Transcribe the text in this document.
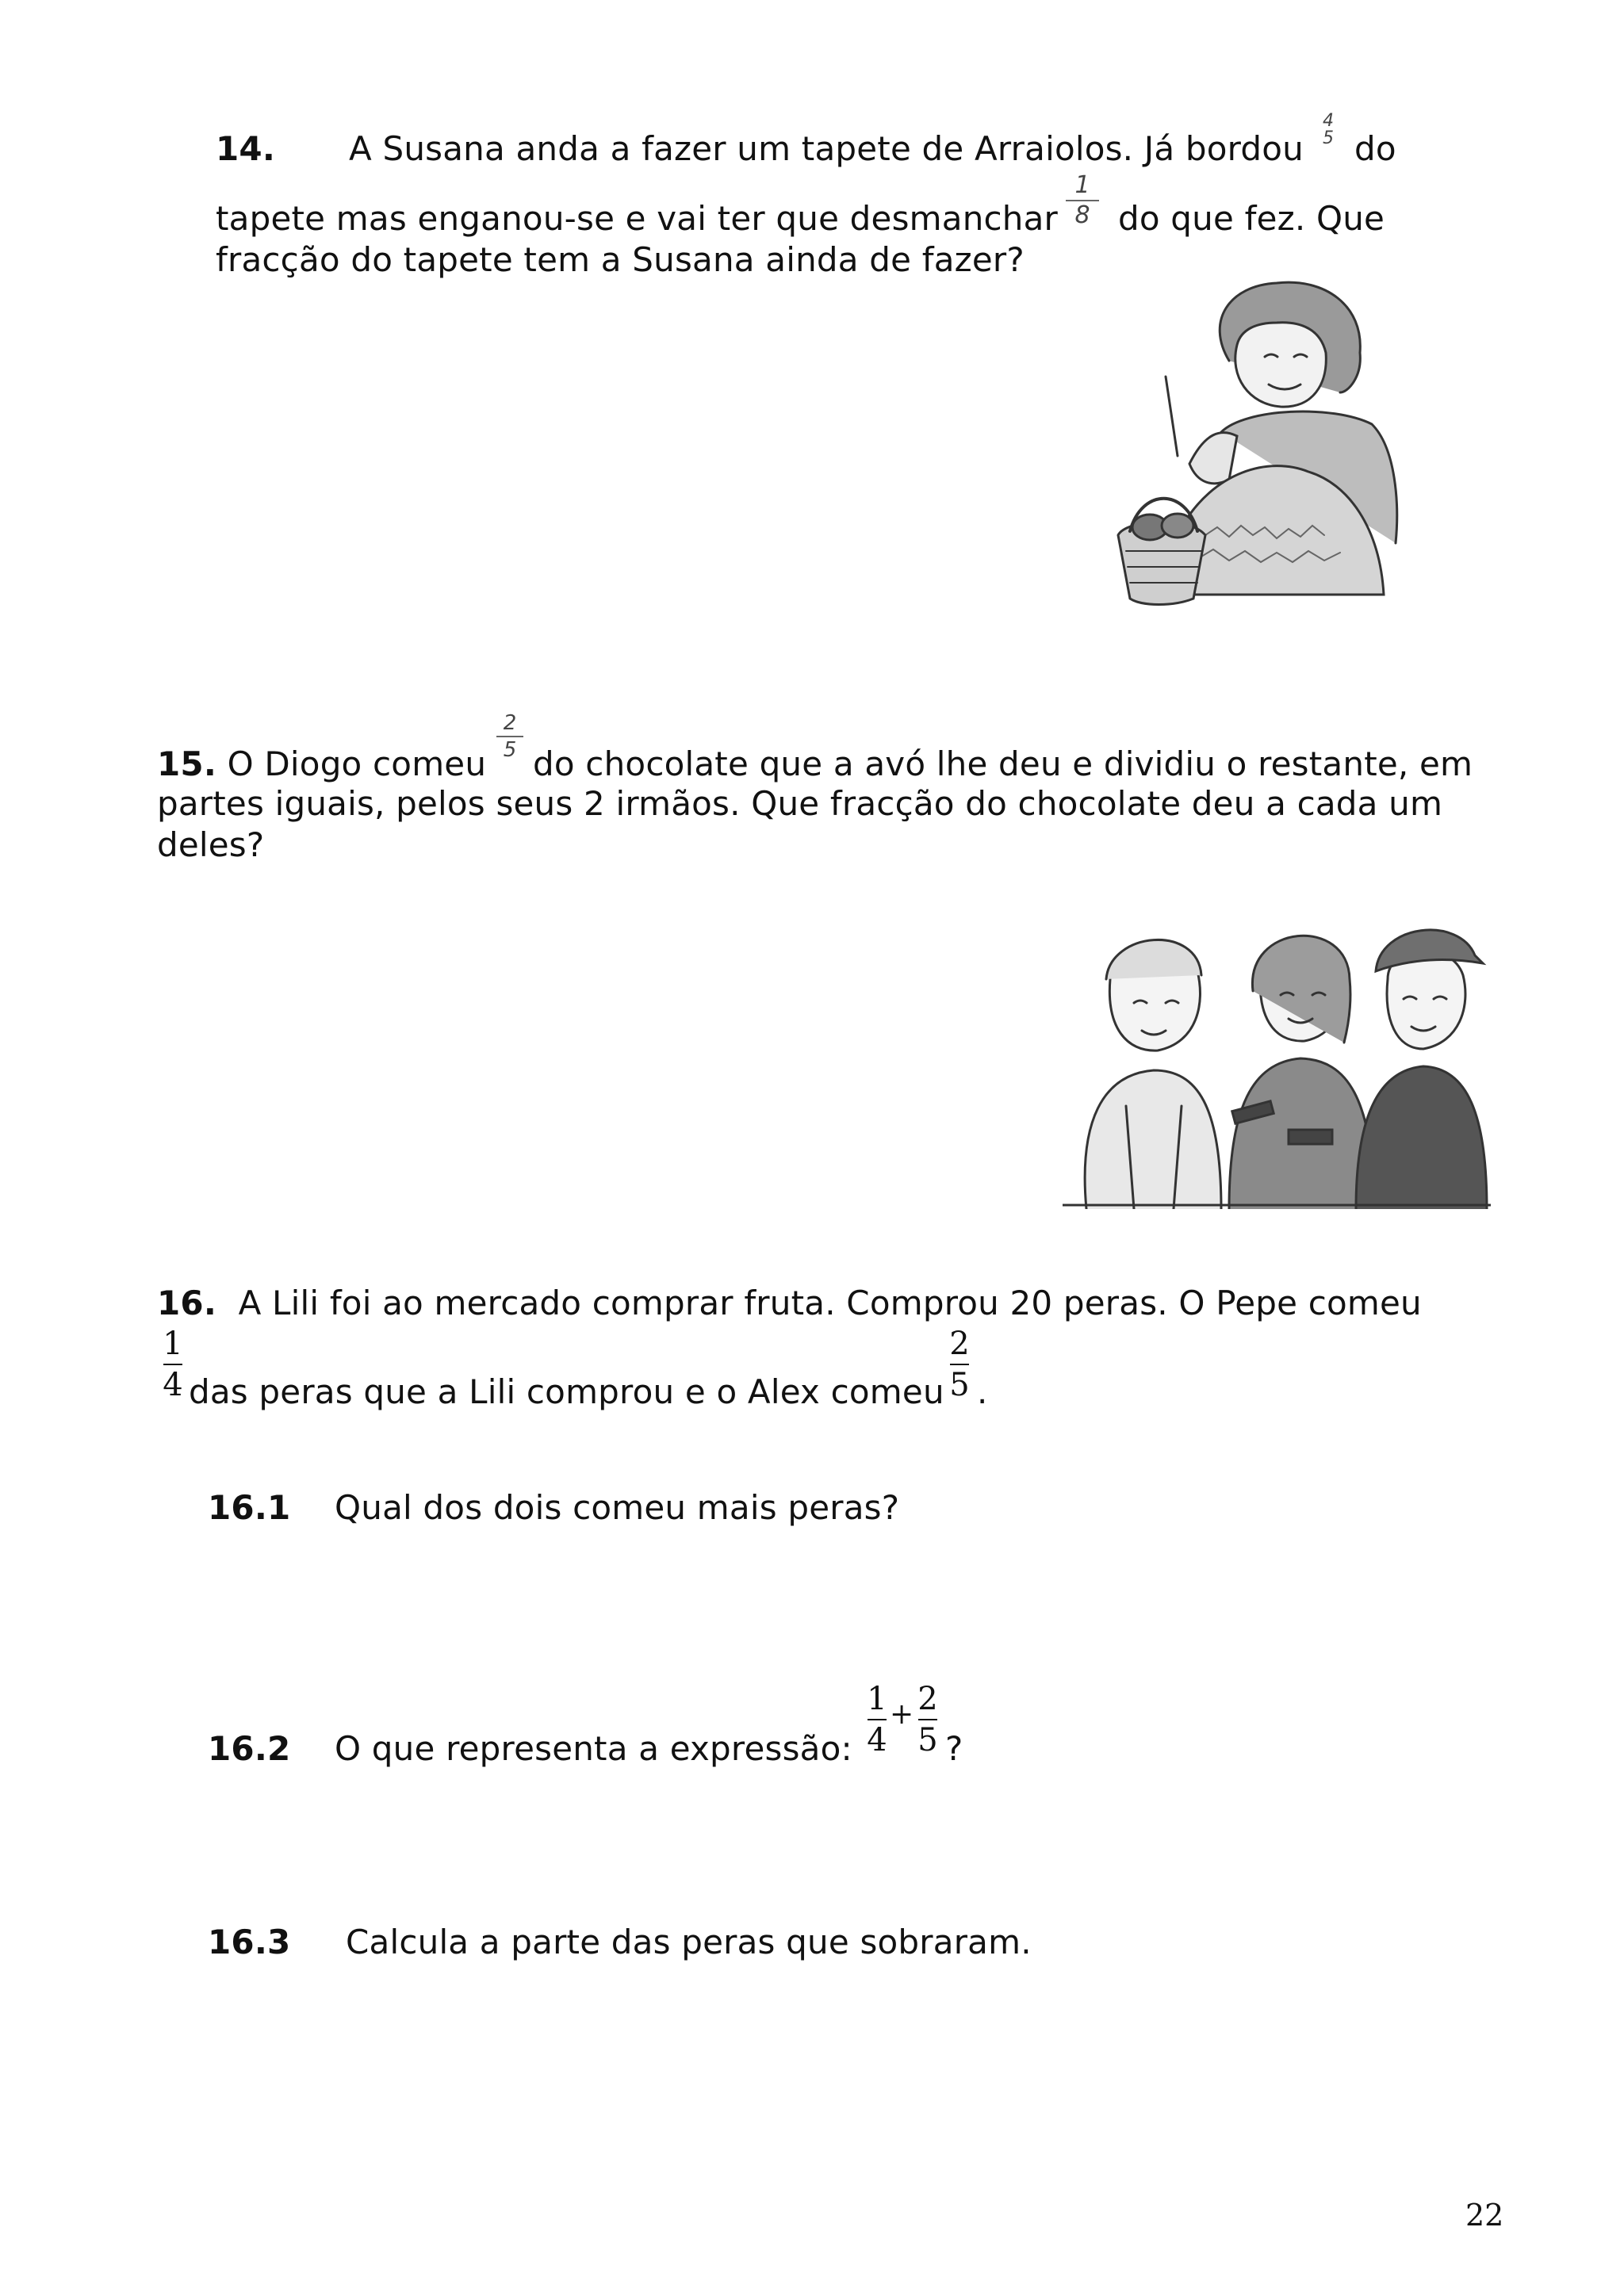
14. A Susana anda a fazer um tapete de Arraiolos. Já bordou
4
5 do
tapete mas enganou-se e vai ter que desmanchar
1
8 do que fez. Que
fracção do tapete tem a Susana ainda de fazer?
15. O Diogo comeu
2
5 do chocolate que a avó lhe deu e dividiu o restante, em
partes iguais, pelos seus 2 irmãos. Que fracção do chocolate deu a cada um
deles?
16. A Lili foi ao mercado comprar fruta. Comprou 20 peras. O Pepe comeu
1
4 das peras que a Lili comprou e o Alex comeu
2
5 .
16.1 Qual dos dois comeu mais peras?
16.2 O que representa a expressão:
1
4
+ 2
5 ?
16.3 Calcula a parte das peras que sobraram.
22
